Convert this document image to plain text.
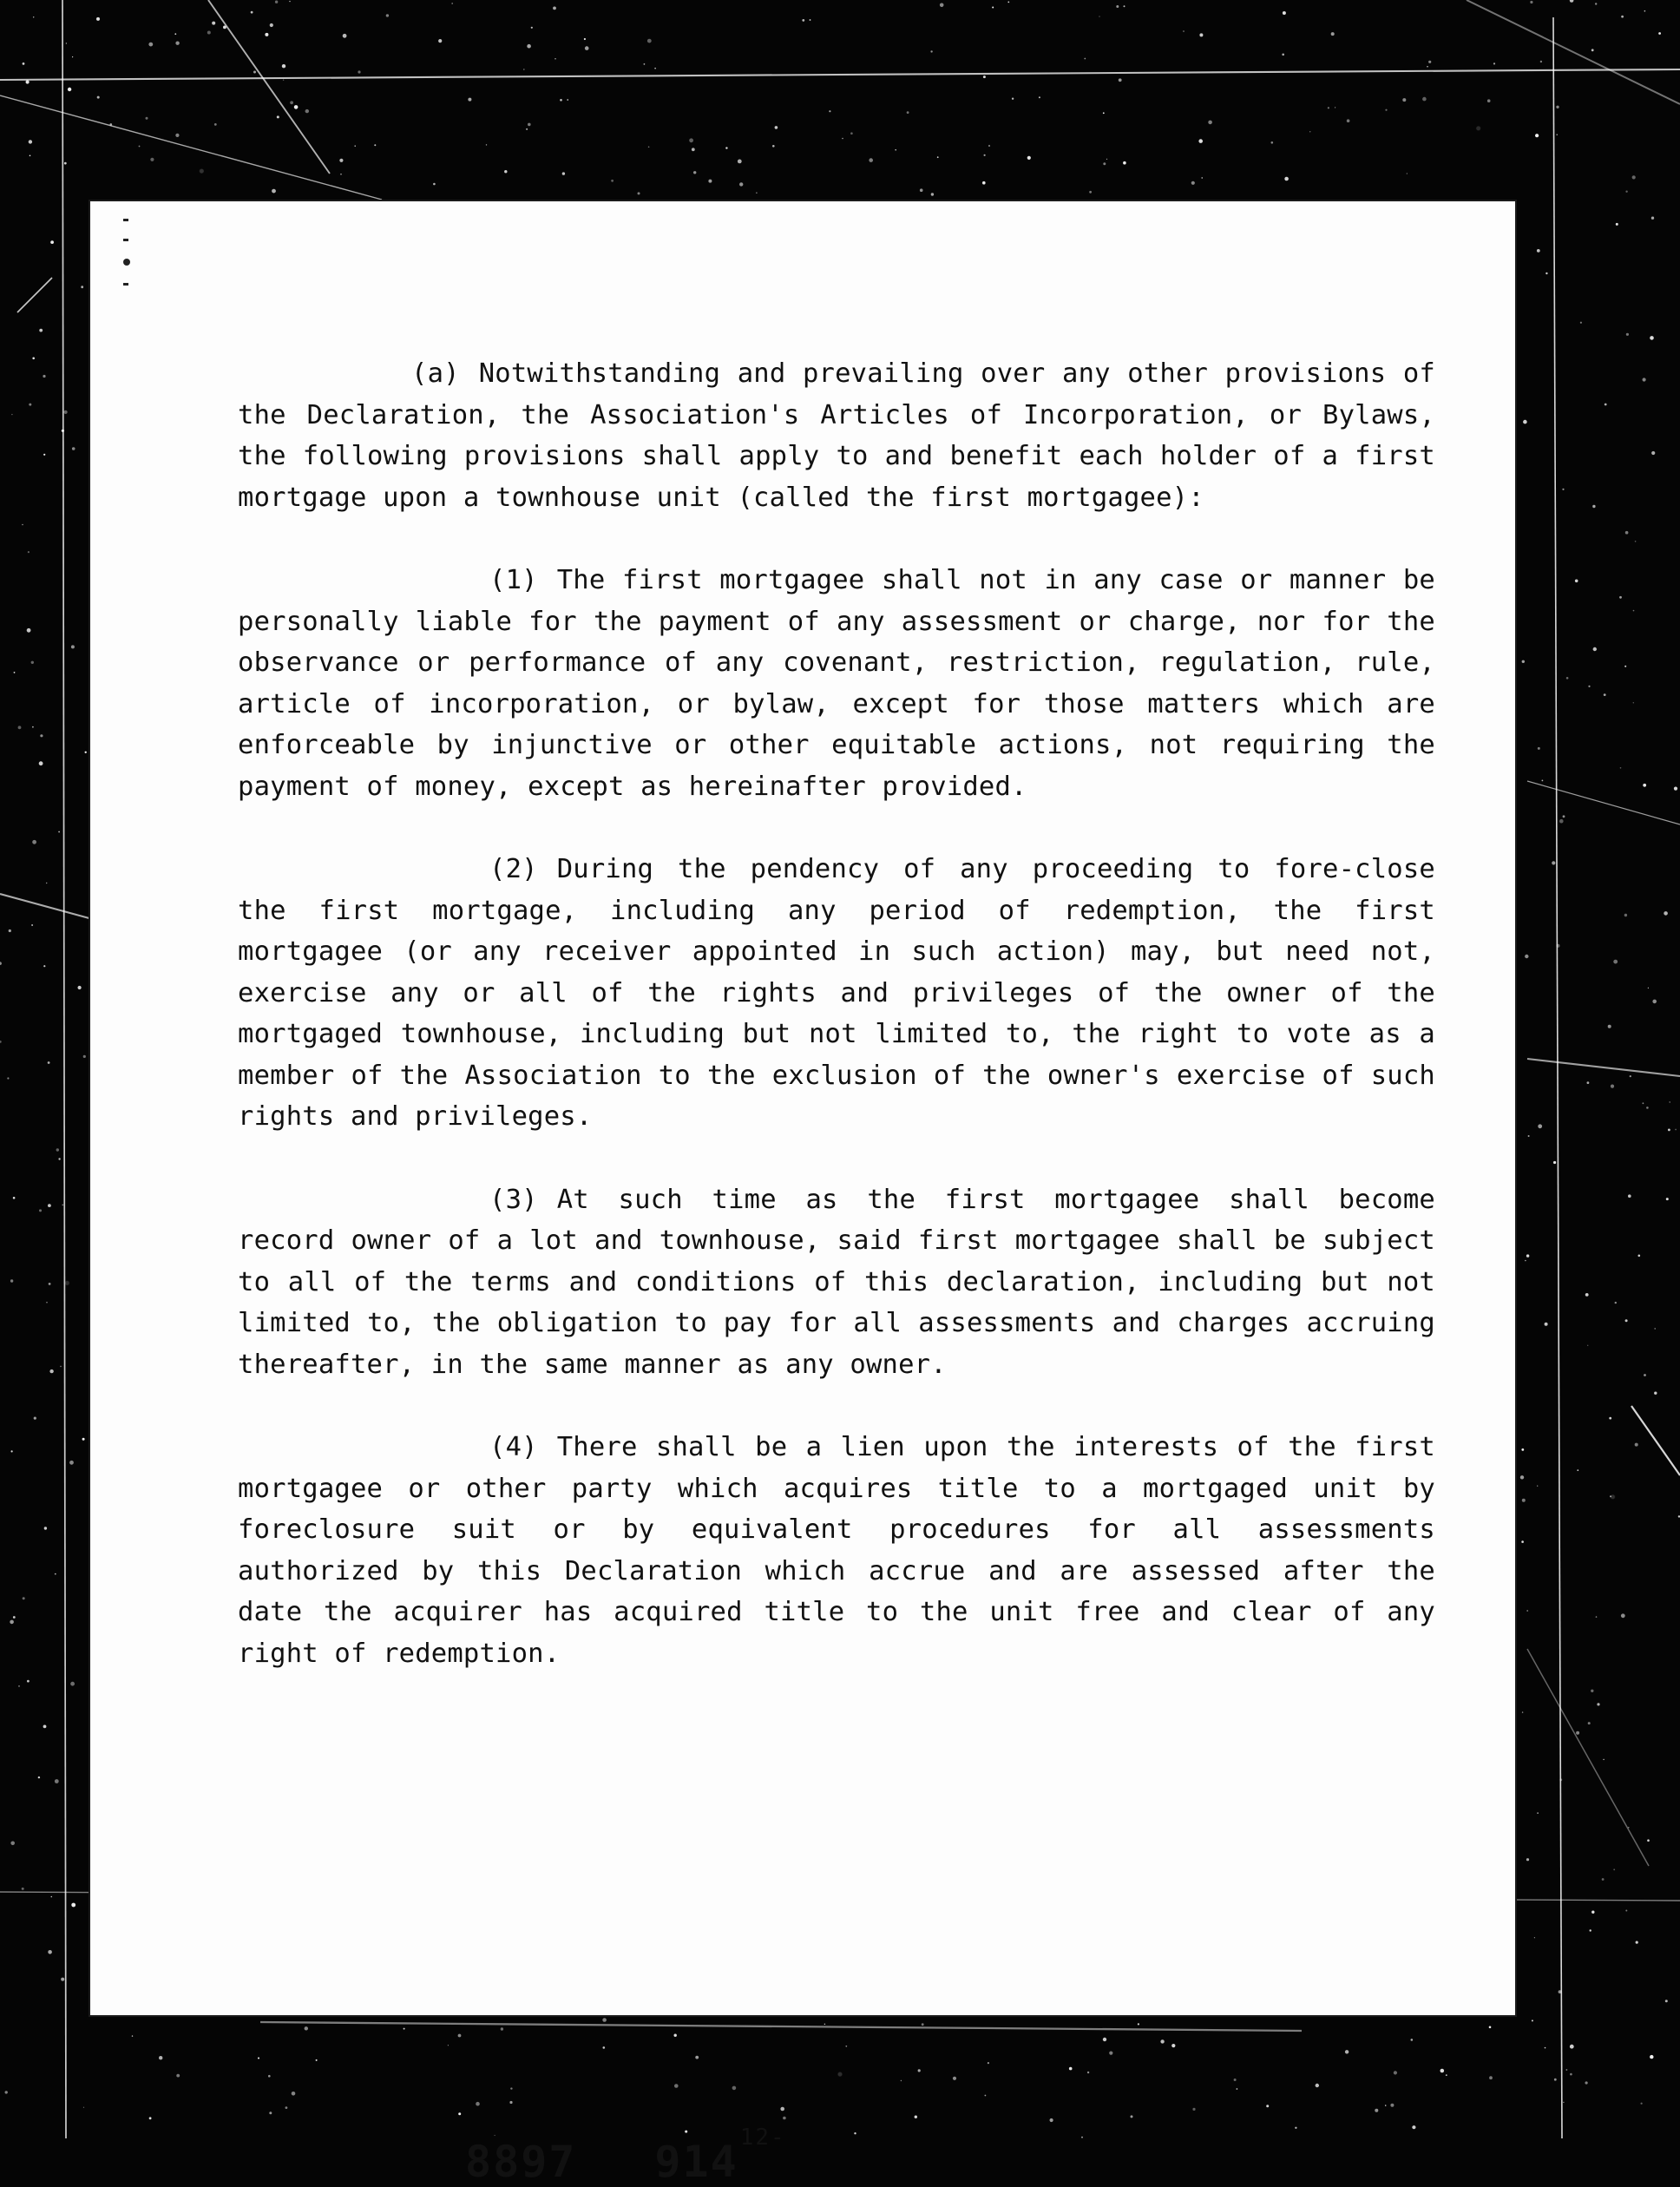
(a) Notwithstanding and prevailing over any other provisions of the Declaration, the Association's Articles of Incorporation, or Bylaws, the following provisions shall apply to and benefit each holder of a first mortgage upon a townhouse unit (called the first mortgagee):

(1) The first mortgagee shall not in any case or manner be personally liable for the payment of any assessment or charge, nor for the observance or performance of any covenant, restriction, regulation, rule, article of incorporation, or bylaw, except for those matters which are enforceable by injunctive or other equitable actions, not requiring the payment of money, except as hereinafter provided.

(2) During the pendency of any proceeding to fore-close the first mortgage, including any period of redemption, the first mortgagee (or any receiver appointed in such action) may, but need not, exercise any or all of the rights and privileges of the owner of the mortgaged townhouse, including but not limited to, the right to vote as a member of the Association to the exclusion of the owner's exercise of such rights and privileges.

(3) At such time as the first mortgagee shall become record owner of a lot and townhouse, said first mortgagee shall be subject to all of the terms and conditions of this declaration, including but not limited to, the obligation to pay for all assessments and charges accruing thereafter, in the same manner as any owner.

(4) There shall be a lien upon the interests of the first mortgagee or other party which acquires title to a mortgaged unit by foreclosure suit or by equivalent procedures for all assessments authorized by this Declaration which accrue and are assessed after the date the acquirer has acquired title to the unit free and clear of any right of redemption.

8897 $914^{12-}$
